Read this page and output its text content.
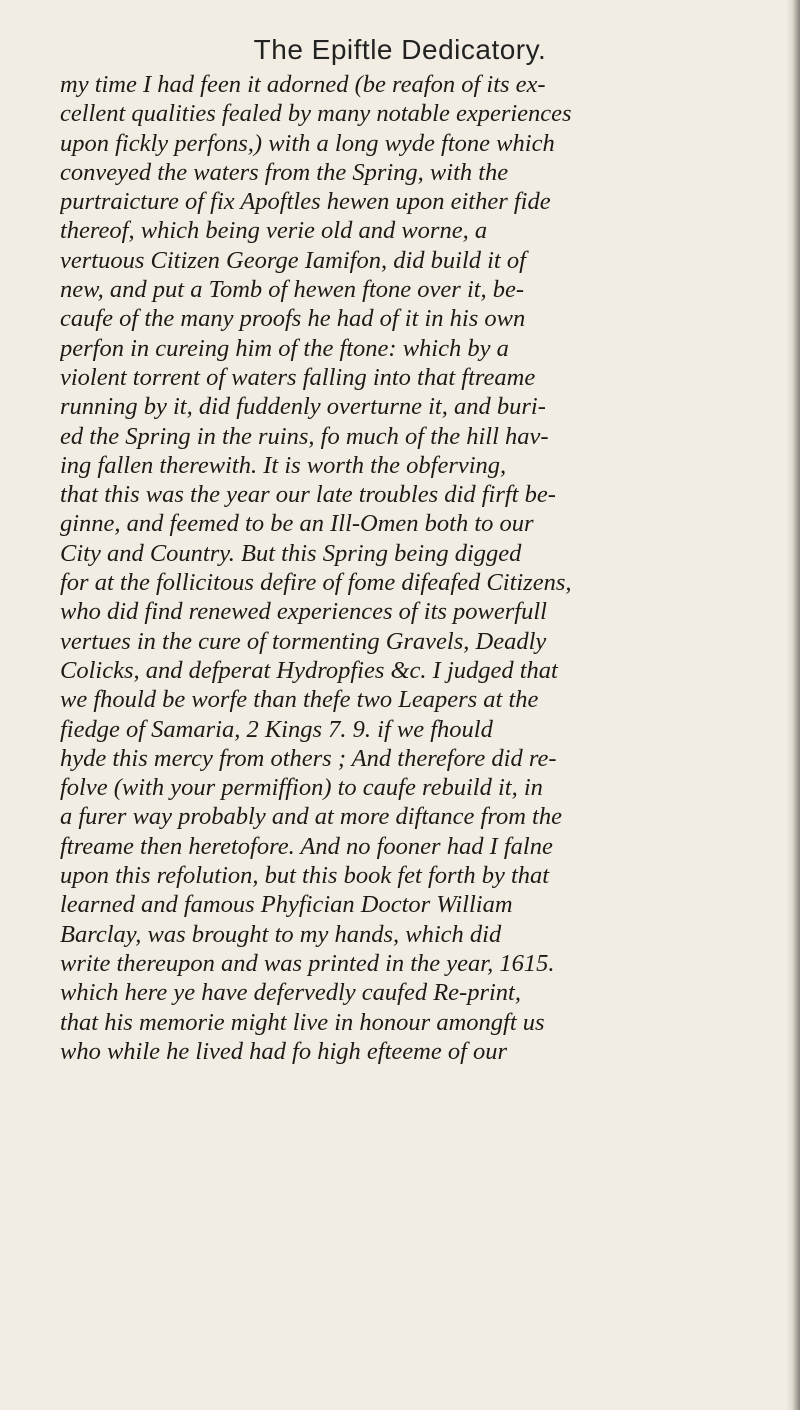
The Epiftle Dedicatory.
my time I had feen it adorned (be reafon of its ex-
cellent qualities fealed by many notable experiences
upon fickly perfons,) with a long wyde ftone which
conveyed the waters from the Spring, with the
purtraicture of fix Apoftles hewen upon either fide
thereof, which being verie old and worne, a
vertuous Citizen George Iamifon, did build it of
new, and put a Tomb of hewen ftone over it, be-
caufe of the many proofs he had of it in his own
perfon in cureing him of the ftone: which by a
violent torrent of waters falling into that ftreame
running by it, did fuddenly overturne it, and buri-
ed the Spring in the ruins, fo much of the hill hav-
ing fallen therewith. It is worth the obferving,
that this was the year our late troubles did firft be-
ginne, and feemed to be an Ill-Omen both to our
City and Country. But this Spring being digged
for at the follicitous defire of fome difeafed Citizens,
who did find renewed experiences of its powerfull
vertues in the cure of tormenting Gravels, Deadly
Colicks, and defperat Hydropfies &c. I judged that
we fhould be worfe than thefe two Leapers at the
fiedge of Samaria, 2 Kings 7. 9. if we fhould
hyde this mercy from others ; And therefore did re-
folve (with your permiffion) to caufe rebuild it, in
a furer way probably and at more diftance from the
ftreame then heretofore. And no fooner had I falne
upon this refolution, but this book fet forth by that
learned and famous Phyfician Doctor William
Barclay, was brought to my hands, which did
write thereupon and was printed in the year, 1615.
which here ye have defervedly caufed Re-print,
that his memorie might live in honour amongft us
who while he lived had fo high efteeme of our
